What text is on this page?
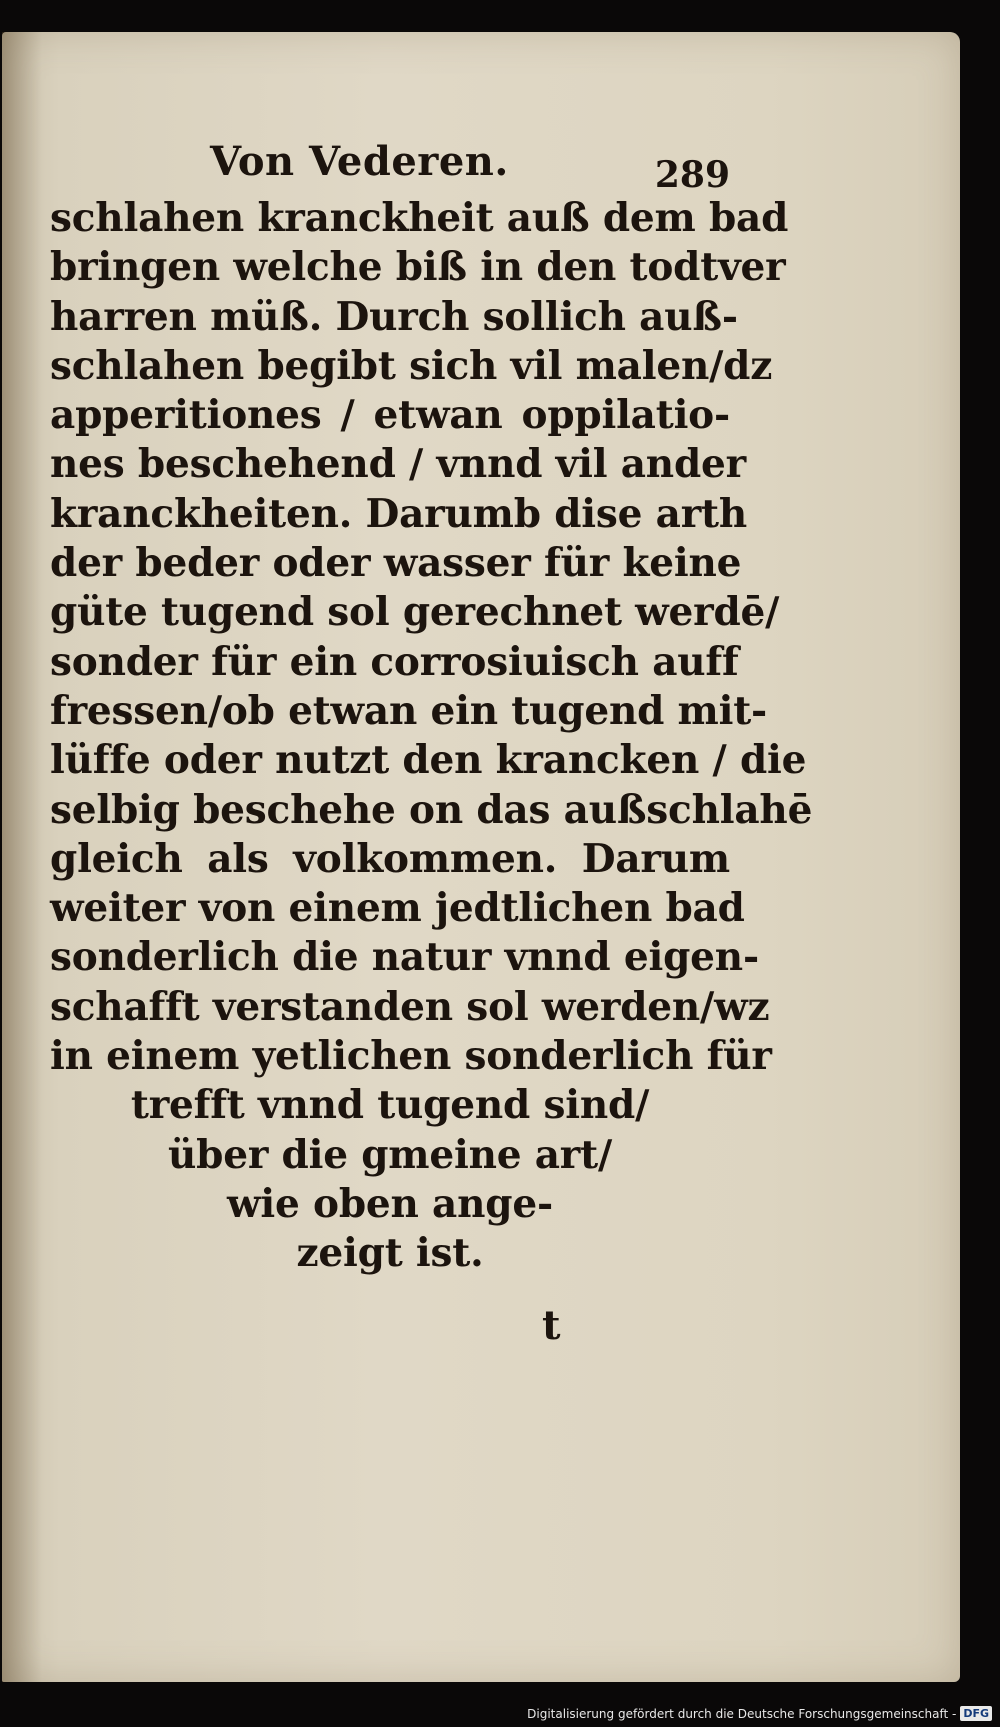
Von Vederen.	289
schlahen kranckheit auß dem bad
bringen welche biß in den todtver
harren müß. Durch sollich auß-
schlahen begibt sich vil malen/dz
apperitiones / etwan oppilatio-
nes beschehend / vnnd vil ander
kranckheiten. Darumb dise arth
der beder oder wasser für keine
güte tugend sol gerechnet werdē/
sonder für ein corrosiuisch auff
fressen/ob etwan ein tugend mit-
lüffe oder nutzt den krancken / die
selbig beschehe on das außschlahē
gleich als volkommen. Darum
weiter von einem jedtlichen bad
sonderlich die natur vnnd eigen-
schafft verstanden sol werden/wz
in einem yetlichen sonderlich für
trefft vnnd tugend sind/
über die gmeine art/
wie oben ange-
zeigt ist.
t
Digitalisierung gefördert durch die Deutsche Forschungsgemeinschaft - DFG
